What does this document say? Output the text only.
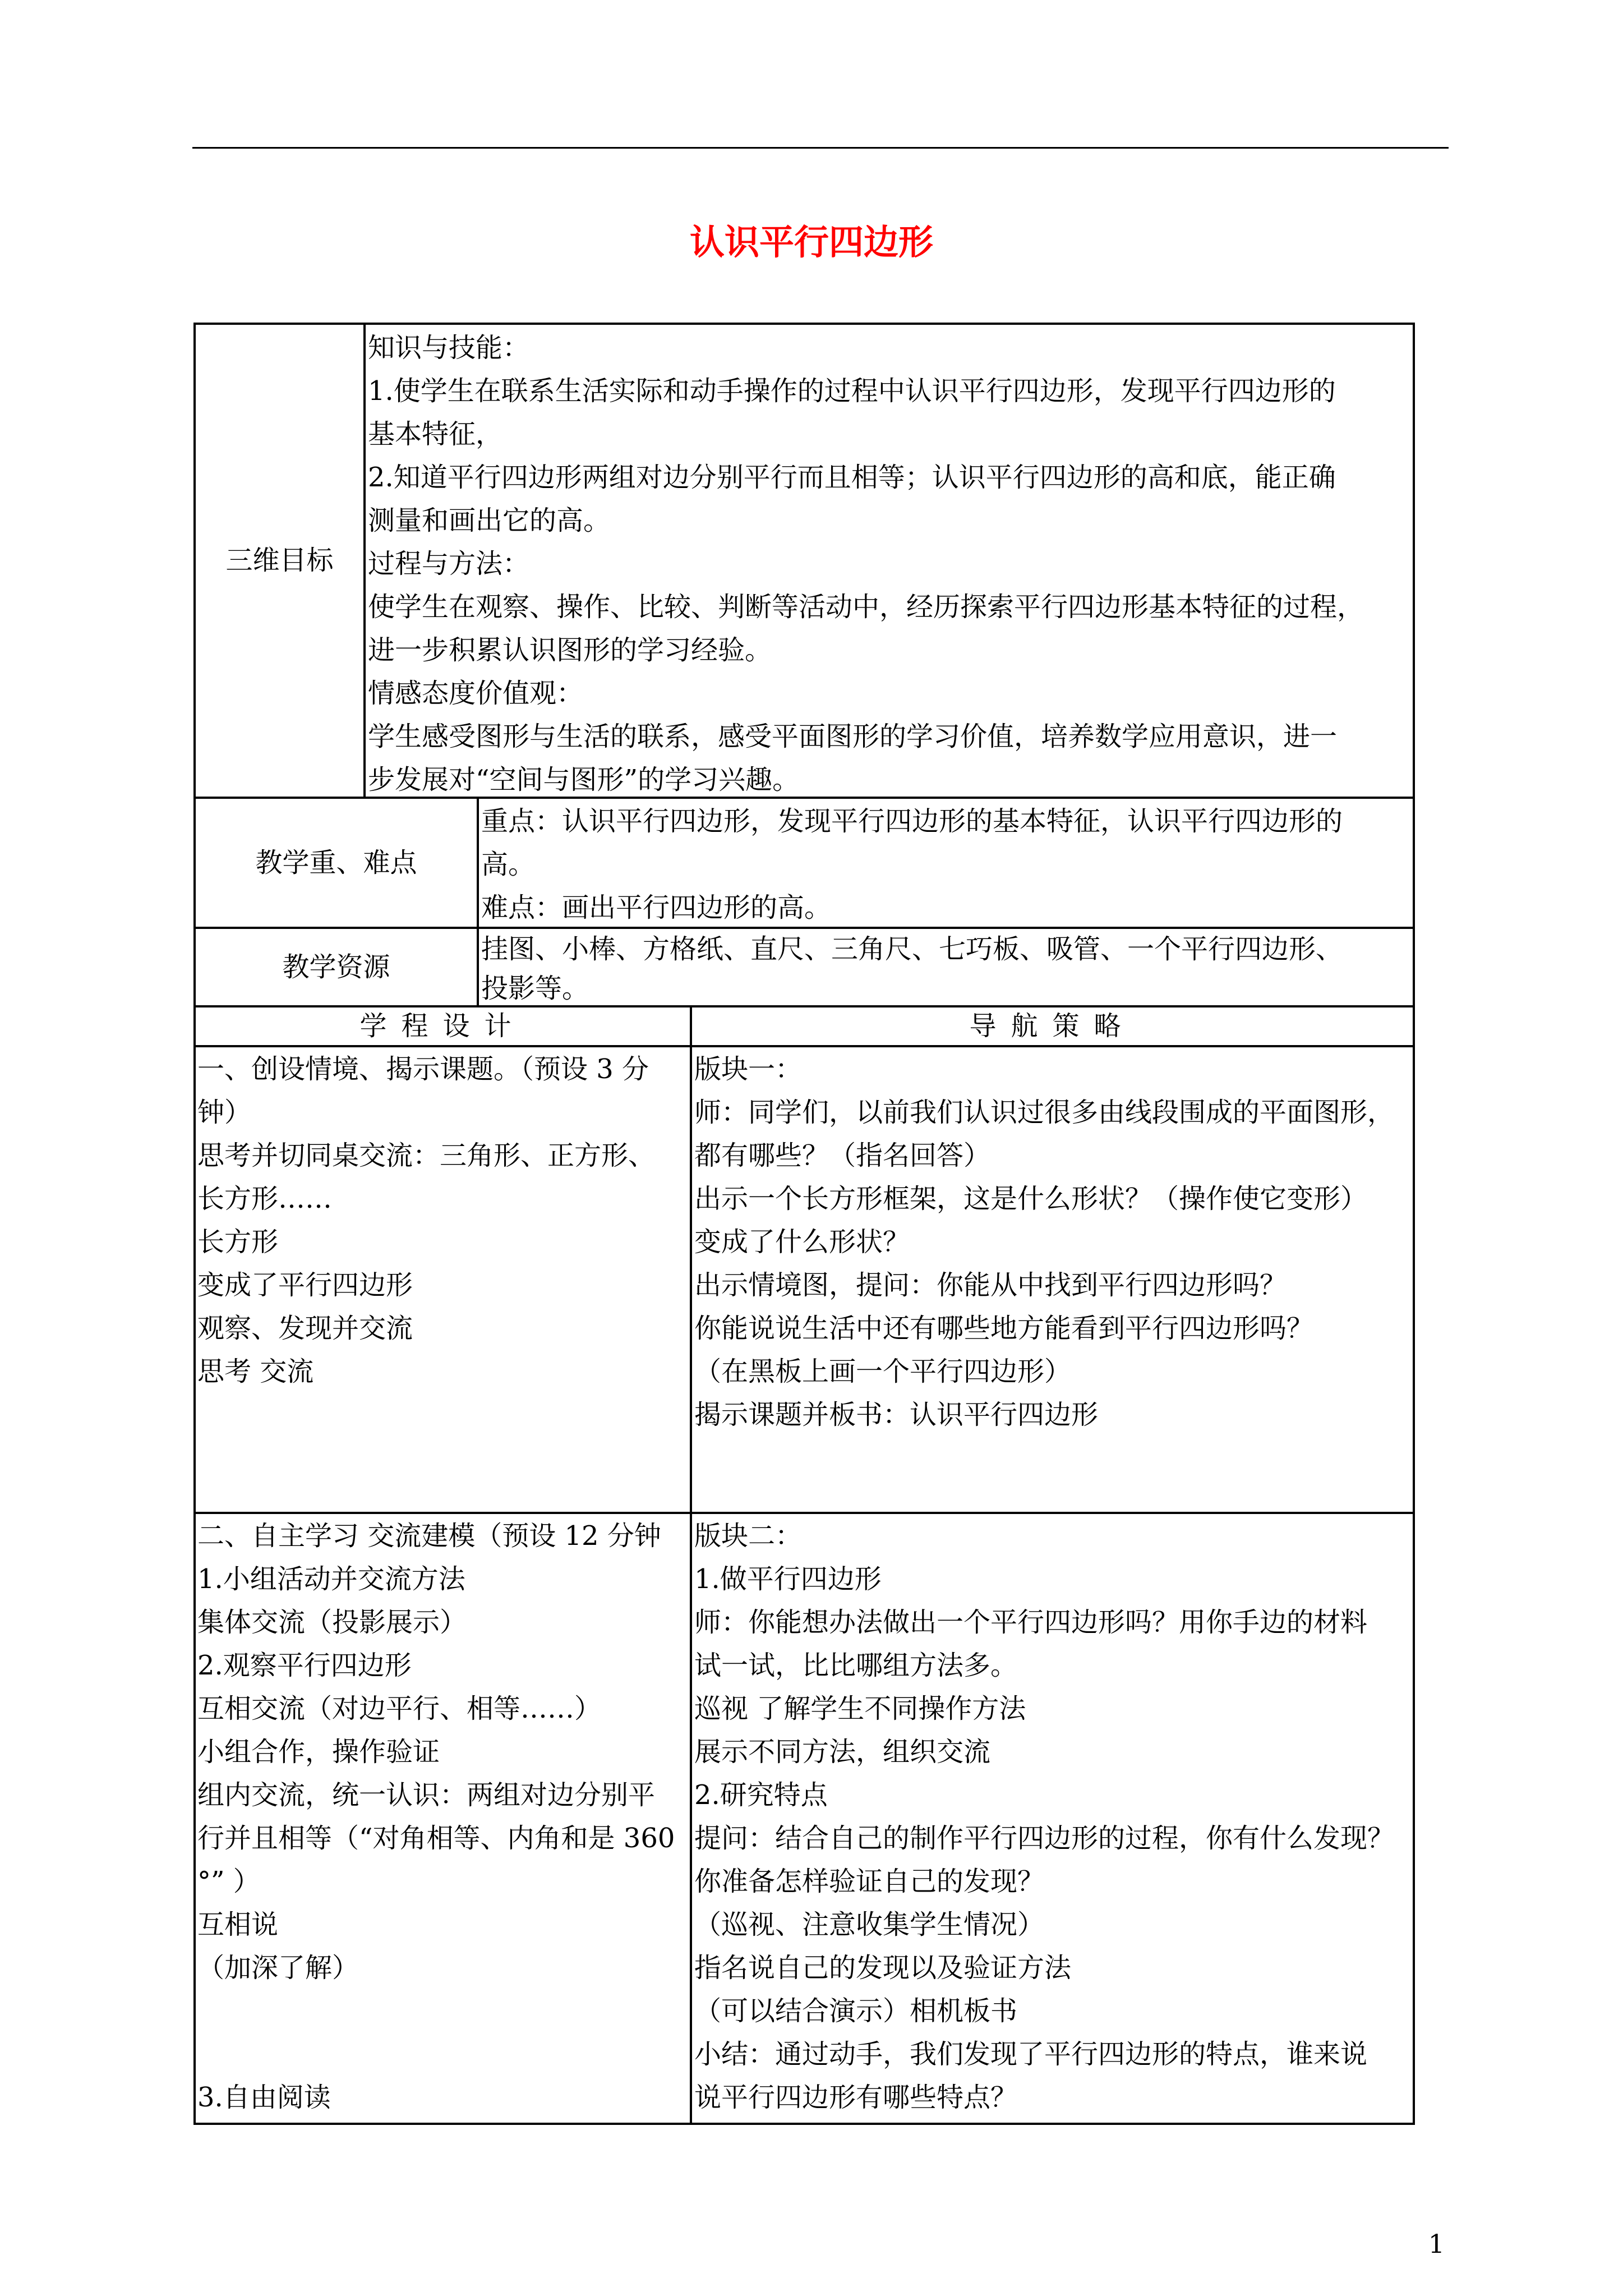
认识平行四边形
三维目标
知识与技能：
1.使学生在联系生活实际和动手操作的过程中认识平行四边形，发现平行四边形的
基本特征，
2.知道平行四边形两组对边分别平行而且相等；认识平行四边形的高和底，能正确
测量和画出它的高。
过程与方法：
使学生在观察、操作、比较、判断等活动中，经历探索平行四边形基本特征的过程，
进一步积累认识图形的学习经验。
情感态度价值观：
学生感受图形与生活的联系，感受平面图形的学习价值，培养数学应用意识，进一
步发展对“空间与图形”的学习兴趣。
教学重、难点
重点：认识平行四边形，发现平行四边形的基本特征，认识平行四边形的
高。
难点：画出平行四边形的高。
教学资源
挂图、小棒、方格纸、直尺、三角尺、七巧板、吸管、一个平行四边形、
投影等。
学程设计	导航策略
一、创设情境、揭示课题。（预设 3 分
钟）
思考并切同桌交流：三角形、正方形、
长方形……
长方形
变成了平行四边形
观察、发现并交流
思考 交流
版块一：
师：同学们，以前我们认识过很多由线段围成的平面图形，
都有哪些？（指名回答）
出示一个长方形框架，这是什么形状？（操作使它变形）
变成了什么形状？
出示情境图，提问：你能从中找到平行四边形吗？
你能说说生活中还有哪些地方能看到平行四边形吗？
（在黑板上画一个平行四边形）
揭示课题并板书：认识平行四边形
二、自主学习 交流建模（预设 12 分钟
1.小组活动并交流方法
集体交流（投影展示）
2.观察平行四边形
互相交流（对边平行、相等……）
小组合作，操作验证
组内交流，统一认识：两组对边分别平
行并且相等（“对角相等、内角和是 360
°” ）
互相说
（加深了解）
3.自由阅读
版块二：
1.做平行四边形
师：你能想办法做出一个平行四边形吗？用你手边的材料
试一试，比比哪组方法多。
巡视 了解学生不同操作方法
展示不同方法，组织交流
2.研究特点
提问：结合自己的制作平行四边形的过程，你有什么发现？
你准备怎样验证自己的发现？
（巡视、注意收集学生情况）
指名说自己的发现以及验证方法
（可以结合演示）相机板书
小结：通过动手，我们发现了平行四边形的特点，谁来说
说平行四边形有哪些特点？
1
